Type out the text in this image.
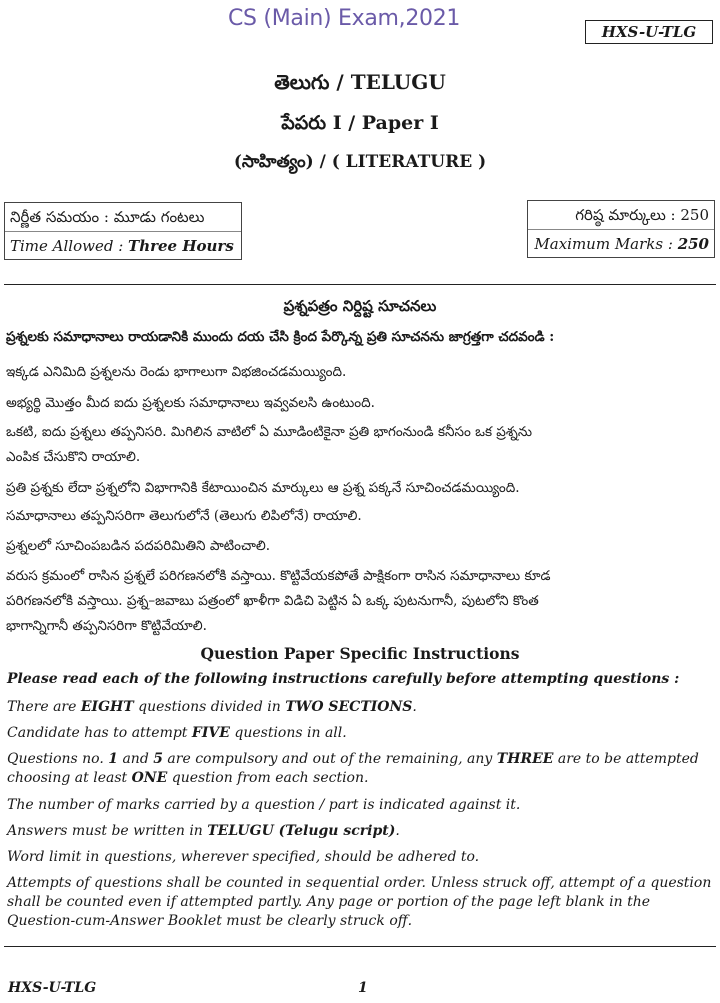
CS (Main) Exam,2021
HXS-U-TLG
తెలుగు / TELUGU
పేపరు I / Paper I
(సాహిత్యం) / ( LITERATURE )
నిర్ణీత సమయం : మూడు గంటలు
Time Allowed : Three Hours
గరిష్ఠ మార్కులు : 250
Maximum Marks : 250
ప్రశ్నపత్రం నిర్దిష్ట సూచనలు
ప్రశ్నలకు సమాధానాలు రాయడానికి ముందు దయ చేసి క్రింద పేర్కొన్న ప్రతి సూచనను జాగ్రత్తగా చదవండి :
ఇక్కడ ఎనిమిది ప్రశ్నలను రెండు భాగాలుగా విభజించడమయ్యింది.
అభ్యర్థి మొత్తం మీద ఐదు ప్రశ్నలకు సమాధానాలు ఇవ్వవలసి ఉంటుంది.
ఒకటి, ఐదు ప్రశ్నలు తప్పనిసరి. మిగిలిన వాటిలో ఏ మూడింటికైనా ప్రతి భాగంనుండి కనీసం ఒక ప్రశ్నను
ఎంపిక చేసుకొని రాయాలి.
ప్రతి ప్రశ్నకు లేదా ప్రశ్నలోని విభాగానికి కేటాయించిన మార్కులు ఆ ప్రశ్న పక్కనే సూచించడమయ్యింది.
సమాధానాలు తప్పనిసరిగా తెలుగులోనే (తెలుగు లిపిలోనే) రాయాలి.
ప్రశ్నలలో సూచింపబడిన పదపరిమితిని పాటించాలి.
వరుస క్రమంలో రాసిన ప్రశ్నలే పరిగణనలోకి వస్తాయి. కొట్టివేయకపోతే పాక్షికంగా రాసిన సమాధానాలు కూడ
పరిగణనలోకి వస్తాయి. ప్రశ్న–జవాబు పత్రంలో ఖాళీగా విడిచి పెట్టిన ఏ ఒక్క పుటనుగానీ, పుటలోని కొంత
భాగాన్నిగానీ తప్పనిసరిగా కొట్టివేయాలి.
Question Paper Specific Instructions
Please read each of the following instructions carefully before attempting questions :
There are EIGHT questions divided in TWO SECTIONS.
Candidate has to attempt FIVE questions in all.
Questions no. 1 and 5 are compulsory and out of the remaining, any THREE are to be attempted choosing at least ONE question from each section.
The number of marks carried by a question / part is indicated against it.
Answers must be written in TELUGU (Telugu script).
Word limit in questions, wherever specified, should be adhered to.
Attempts of questions shall be counted in sequential order. Unless struck off, attempt of a question shall be counted even if attempted partly. Any page or portion of the page left blank in the Question-cum-Answer Booklet must be clearly struck off.
HXS-U-TLG	1
